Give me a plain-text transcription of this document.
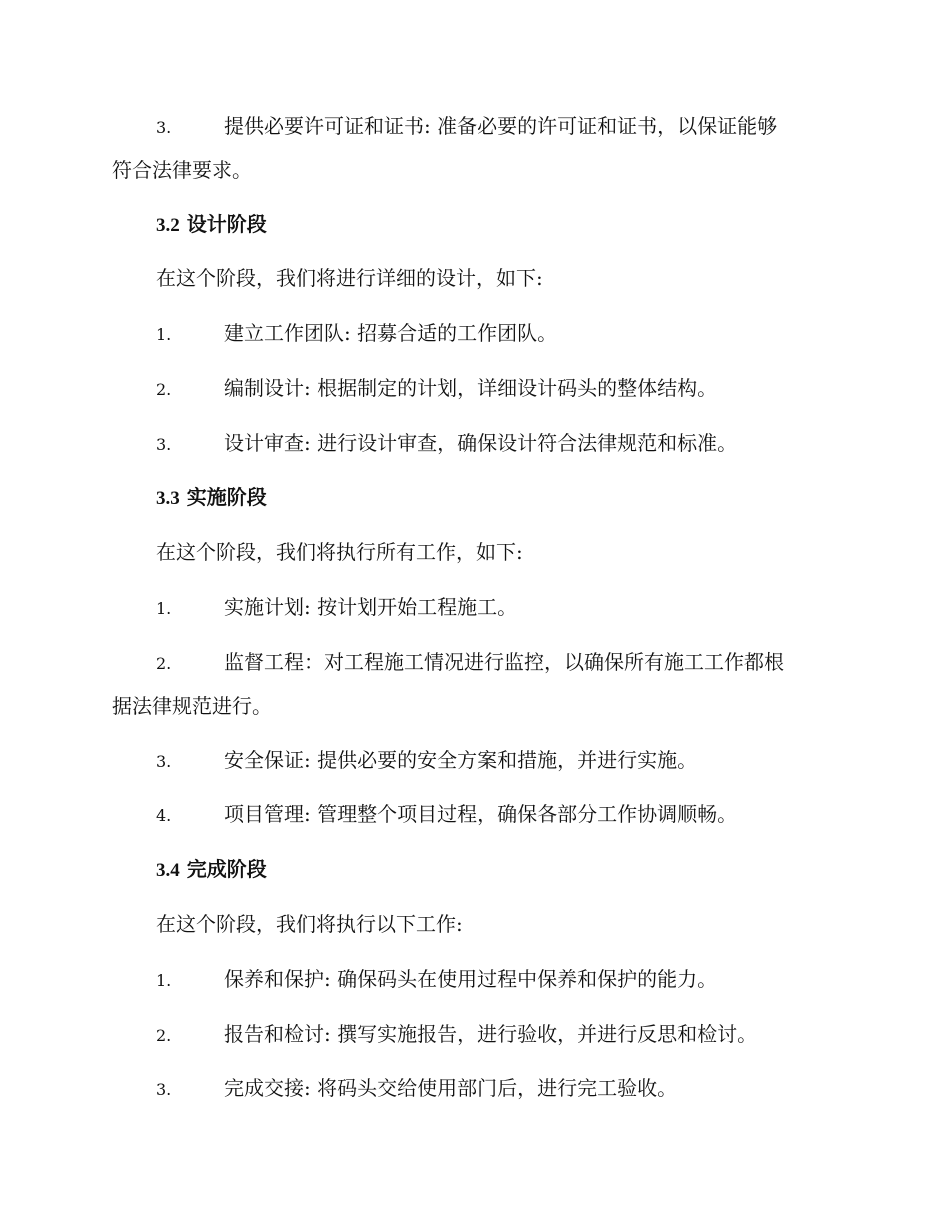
3.	提供必要许可证和证书: 准备必要的许可证和证书，以保证能够
符合法律要求。
3.2 设计阶段
在这个阶段，我们将进行详细的设计，如下:
1.	建立工作团队: 招募合适的工作团队。
2.	编制设计: 根据制定的计划，详细设计码头的整体结构。
3.	设计审查: 进行设计审查，确保设计符合法律规范和标准。
3.3 实施阶段
在这个阶段，我们将执行所有工作，如下:
1.	实施计划: 按计划开始工程施工。
2.	监督工程：对工程施工情况进行监控，以确保所有施工工作都根
据法律规范进行。
3.	安全保证: 提供必要的安全方案和措施，并进行实施。
4.	项目管理: 管理整个项目过程，确保各部分工作协调顺畅。
3.4 完成阶段
在这个阶段，我们将执行以下工作:
1.	保养和保护: 确保码头在使用过程中保养和保护的能力。
2.	报告和检讨: 撰写实施报告，进行验收，并进行反思和检讨。
3.	完成交接: 将码头交给使用部门后，进行完工验收。
